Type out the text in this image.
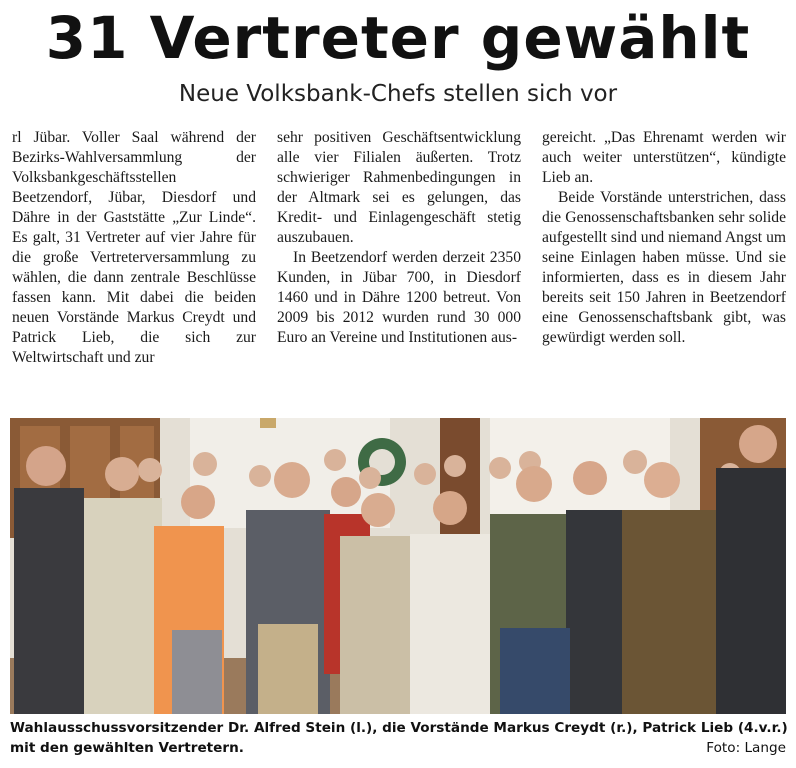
31 Vertreter gewählt
Neue Volksbank-Chefs stellen sich vor

rl Jübar. Voller Saal während der Bezirks-Wahlversammlung der Volksbankgeschäftsstellen Beetzendorf, Jübar, Diesdorf und Dähre in der Gaststätte „Zur Linde“. Es galt, 31 Vertreter auf vier Jahre für die große Vertreterversammlung zu wählen, die dann zentrale Beschlüsse fassen kann. Mit dabei die beiden neuen Vorstände Markus Creydt und Patrick Lieb, die sich zur Weltwirtschaft und zur

sehr positiven Geschäftsentwicklung alle vier Filialen äußerten. Trotz schwieriger Rahmenbedingungen in der Altmark sei es gelungen, das Kredit- und Einlagengeschäft stetig auszubauen.

In Beetzendorf werden derzeit 2350 Kunden, in Jübar 700, in Diesdorf 1460 und in Dähre 1200 betreut. Von 2009 bis 2012 wurden rund 30 000 Euro an Vereine und Institutionen aus-

gereicht. „Das Ehrenamt werden wir auch weiter unterstützen“, kündigte Lieb an.

Beide Vorstände unterstrichen, dass die Genossenschaftsbanken sehr solide aufgestellt sind und niemand Angst um seine Einlagen haben müsse. Und sie informierten, dass es in diesem Jahr bereits seit 150 Jahren in Beetzendorf eine Genossenschaftsbank gibt, was gewürdigt werden soll.

Wahlausschussvorsitzender Dr. Alfred Stein (l.), die Vorstände Markus Creydt (r.), Patrick Lieb (4.v.r.)
mit den gewählten Vertretern.	Foto: Lange
